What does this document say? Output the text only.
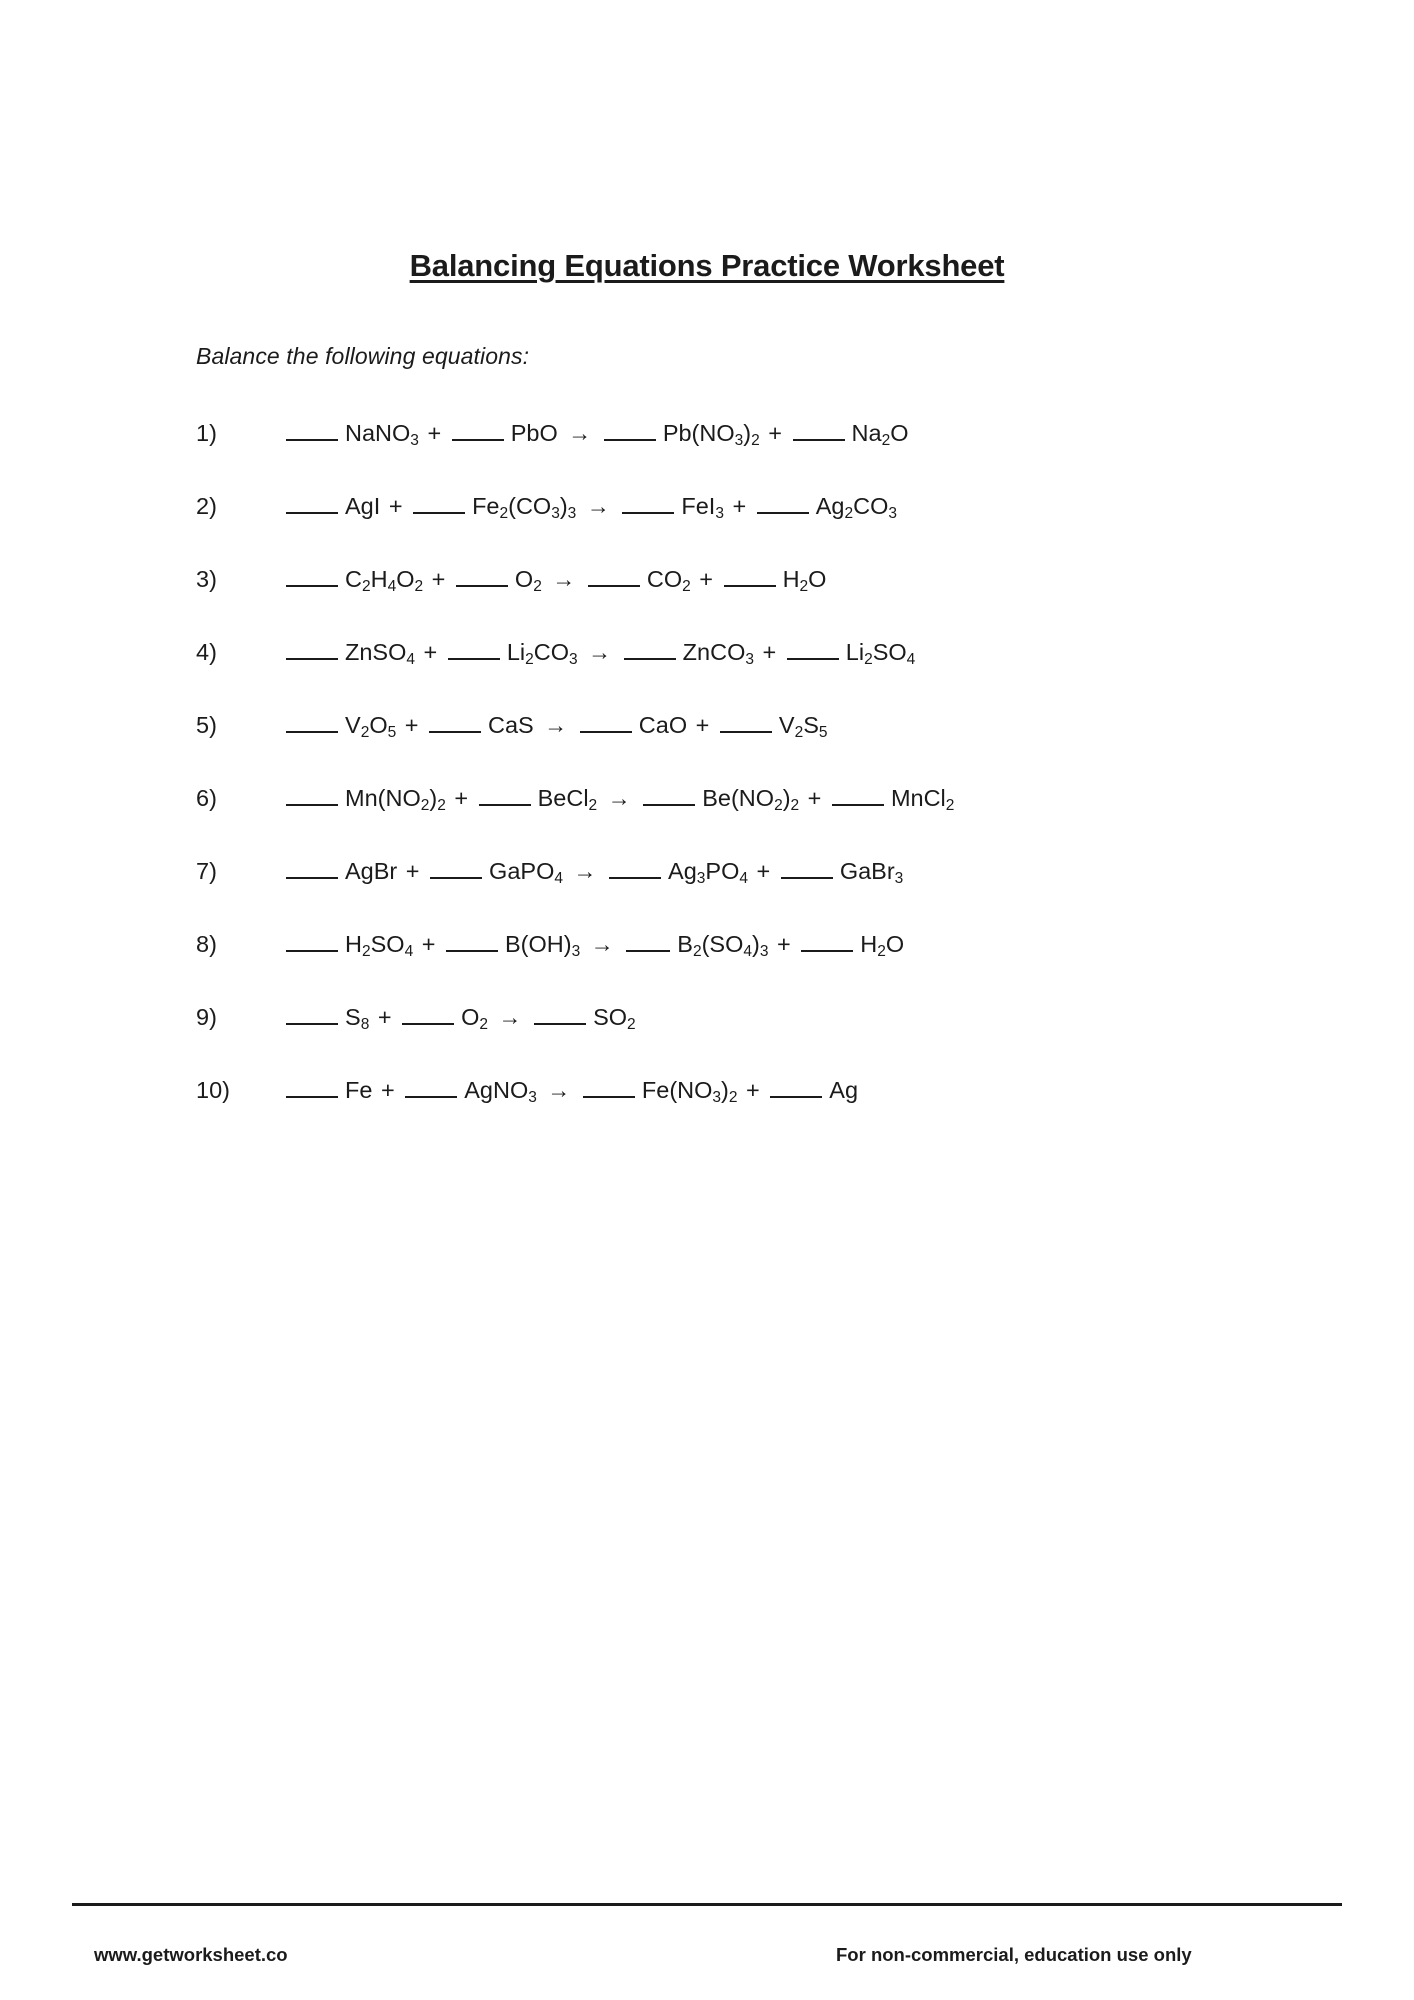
Balancing Equations Practice Worksheet
Balance the following equations:
1)	NaNO$_3$ +	PbO →	$Pb(NO_3)_2$ +	$Na_2O$
2)	AgI +	$Fe_2(CO_3)_3$ →	FeI$_3$ +	$Ag_2CO_3$
3)	$C_2H_4O_2$ +	$O_2$ →	$CO_2$ +	$H_2O$
4)	ZnSO$_4$ +	$Li_2CO_3$ →	ZnCO$_3$ +	$Li_2SO_4$
5)	$V_2O_5$ +	CaS →	CaO +	$V_2S_5$
6)	$Mn(NO_2)_2$ +	BeCl$_2$ →	$Be(NO_2)_2$ +	MnCl$_2$
7)	AgBr +	GaPO$_4$ →	$Ag_3PO_4$ +	GaBr$_3$
8)	$H_2SO_4$ +	$B(OH)_3$ →	$B_2(SO_4)_3$ +	$H_2O$
9)	$S_8$ +	$O_2$ →	$SO_2$
10)	Fe +	AgNO$_3$ →	$Fe(NO_3)_2$ +	Ag
www.getworksheet.co	For non-commercial, education use only
